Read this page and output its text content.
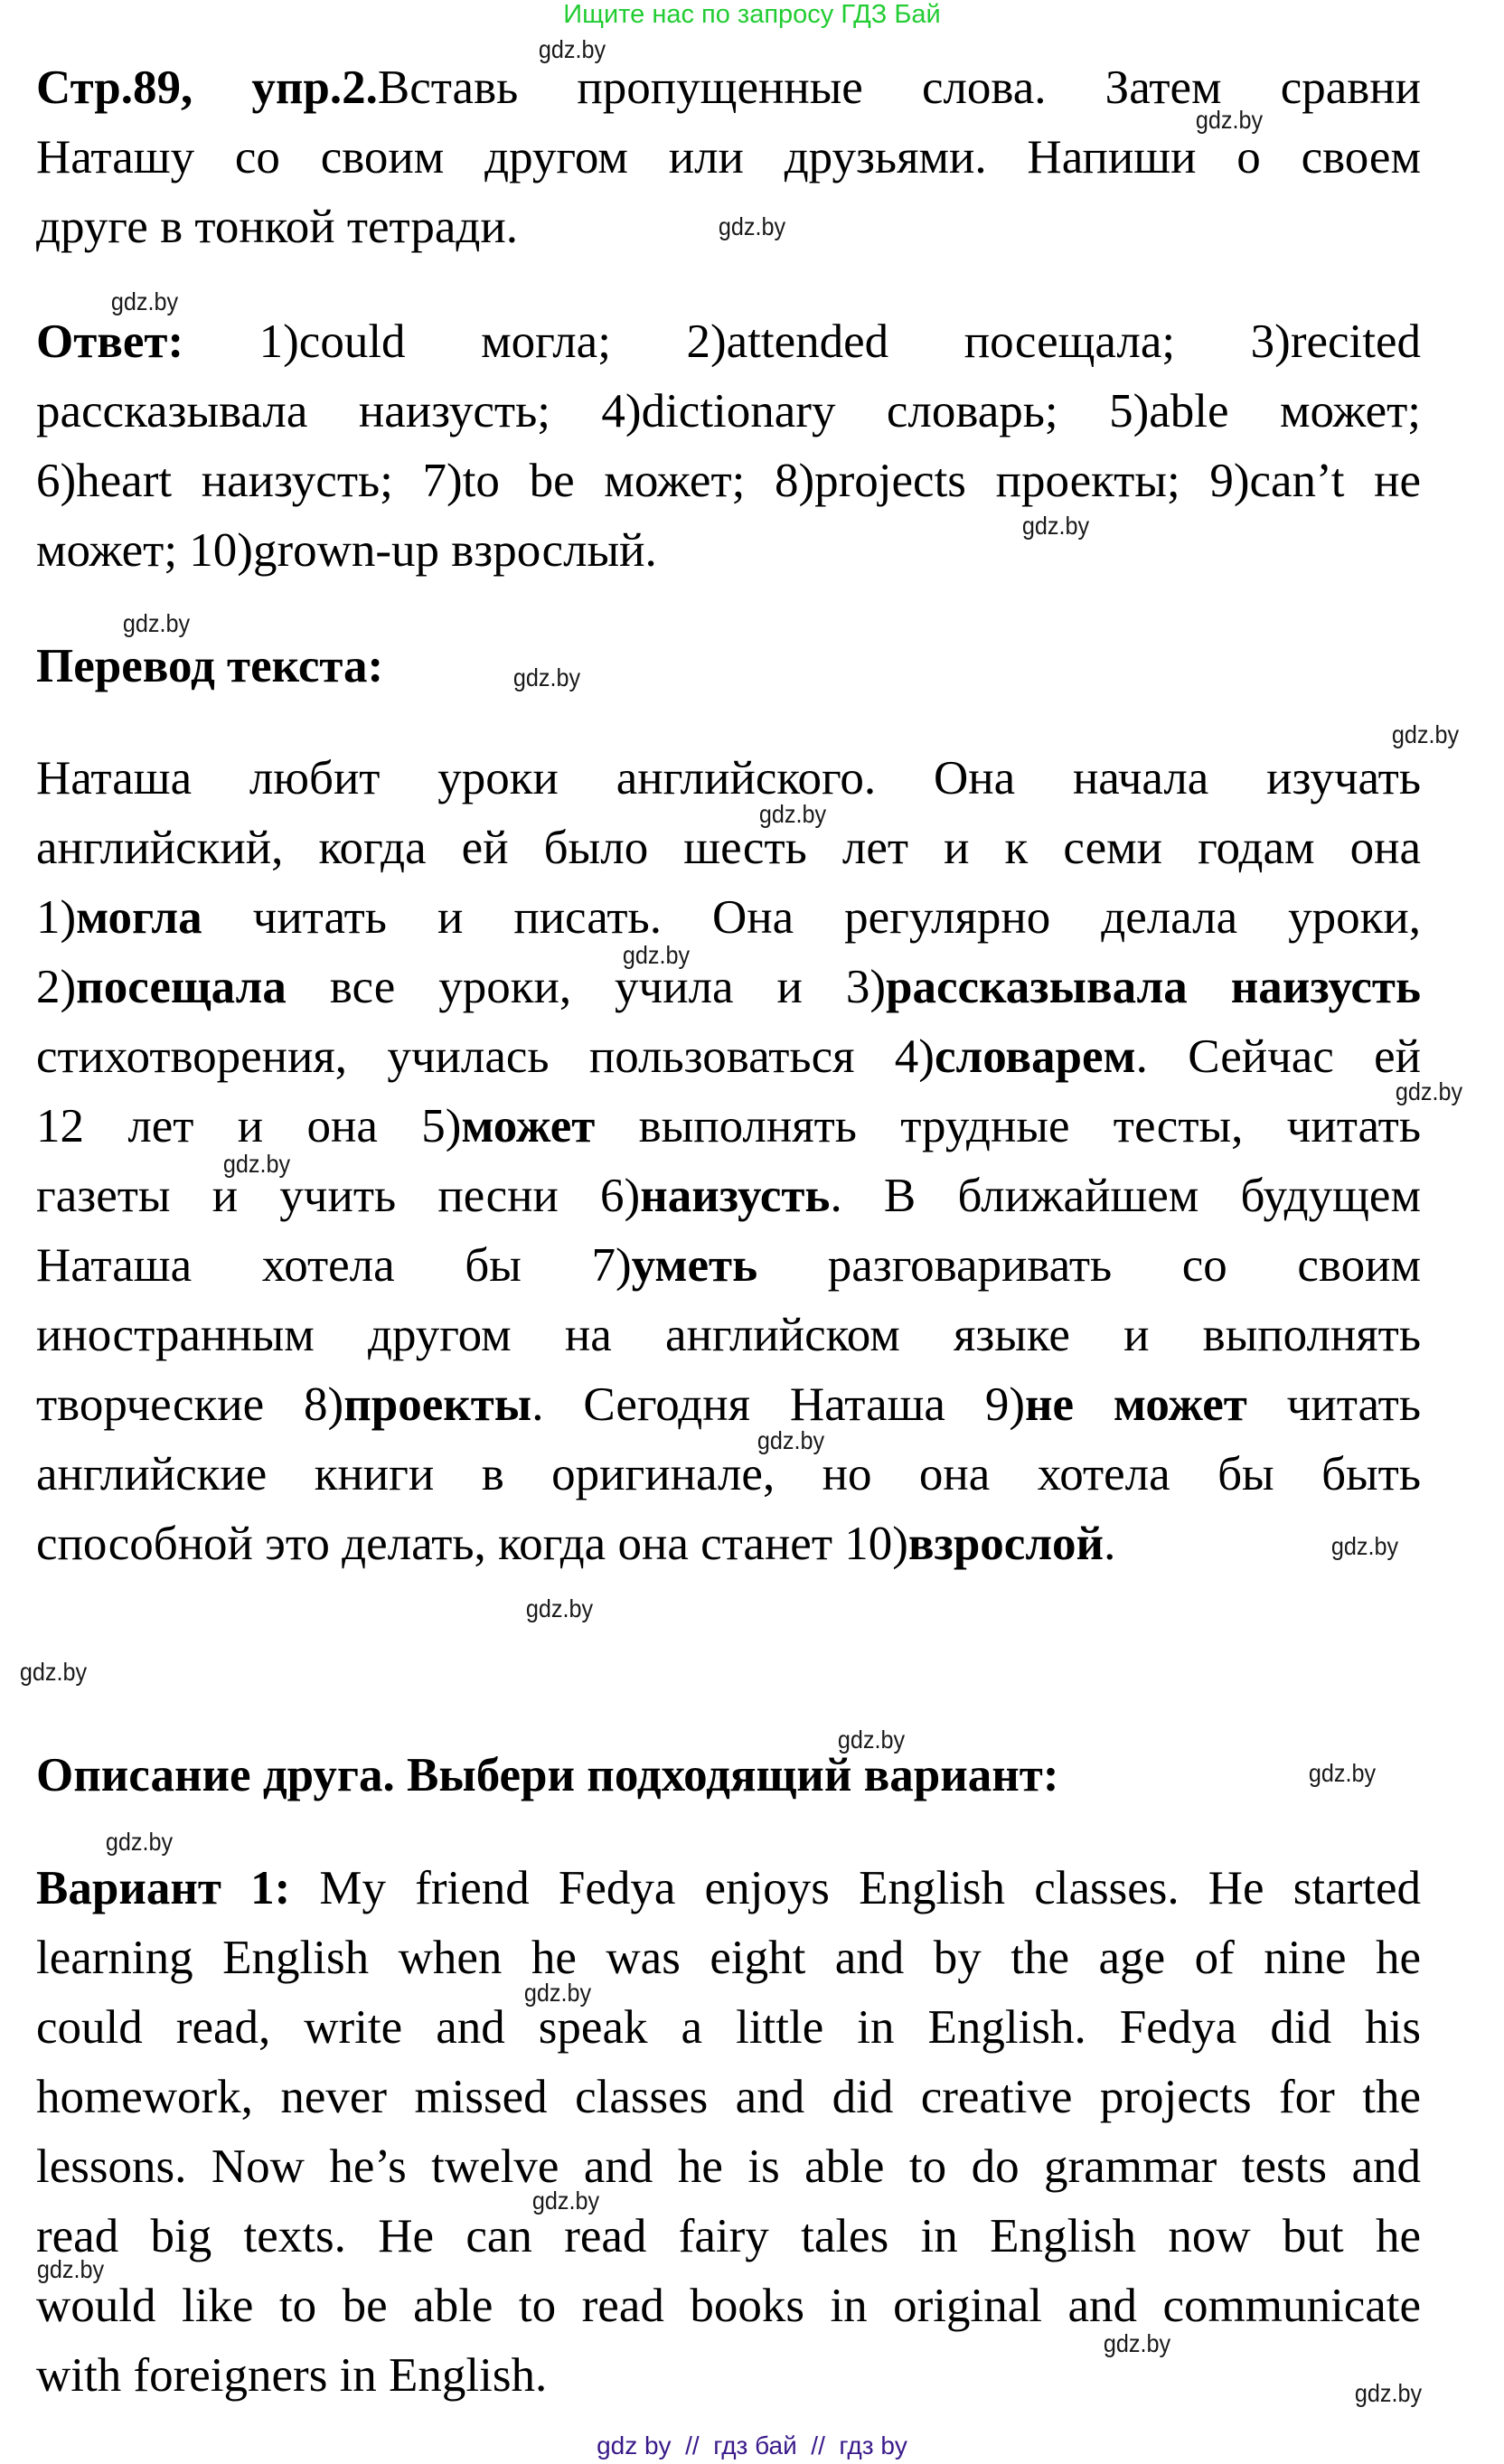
Ищите нас по запросу ГДЗ Бай
Стр.89, упр.2.Вставь пропущенные слова. Затем сравни
Наташу со своим другом или друзьями. Напиши о своем
друге в тонкой тетради.
Ответ: 1)could могла; 2)attended посещала; 3)recited
рассказывала наизусть; 4)dictionary словарь; 5)able может;
6)heart наизусть; 7)to be может; 8)projects проекты; 9)can’t не
может; 10)grown-up взрослый.
Перевод текста:
Наташа любит уроки английского. Она начала изучать
английский, когда ей было шесть лет и к семи годам она
1)могла читать и писать. Она регулярно делала уроки,
2)посещала все уроки, учила и 3)рассказывала наизусть
стихотворения, училась пользоваться 4)словарем. Сейчас ей
12 лет и она 5)может выполнять трудные тесты, читать
газеты и учить песни 6)наизусть. В ближайшем будущем
Наташа хотела бы 7)уметь разговаривать со своим
иностранным другом на английском языке и выполнять
творческие 8)проекты. Сегодня Наташа 9)не может читать
английские книги в оригинале, но она хотела бы быть
способной это делать, когда она станет 10)взрослой.
Описание друга. Выбери подходящий вариант:
Вариант 1: My friend Fedya enjoys English classes. He started
learning English when he was eight and by the age of nine he
could read, write and speak a little in English. Fedya did his
homework, never missed classes and did creative projects for the
lessons. Now he’s twelve and he is able to do grammar tests and
read big texts. He can read fairy tales in English now but he
would like to be able to read books in original and communicate
with foreigners in English.
gdz.by
gdz.by
gdz.by
gdz.by
gdz.by
gdz.by
gdz.by
gdz.by
gdz.by
gdz.by
gdz.by
gdz.by
gdz.by
gdz.by
gdz.by
gdz.by
gdz.by
gdz.by
gdz.by
gdz.by
gdz.by
gdz.by
gdz.by
gdz.by
gdz by  //  гдз бай  //  гдз by
